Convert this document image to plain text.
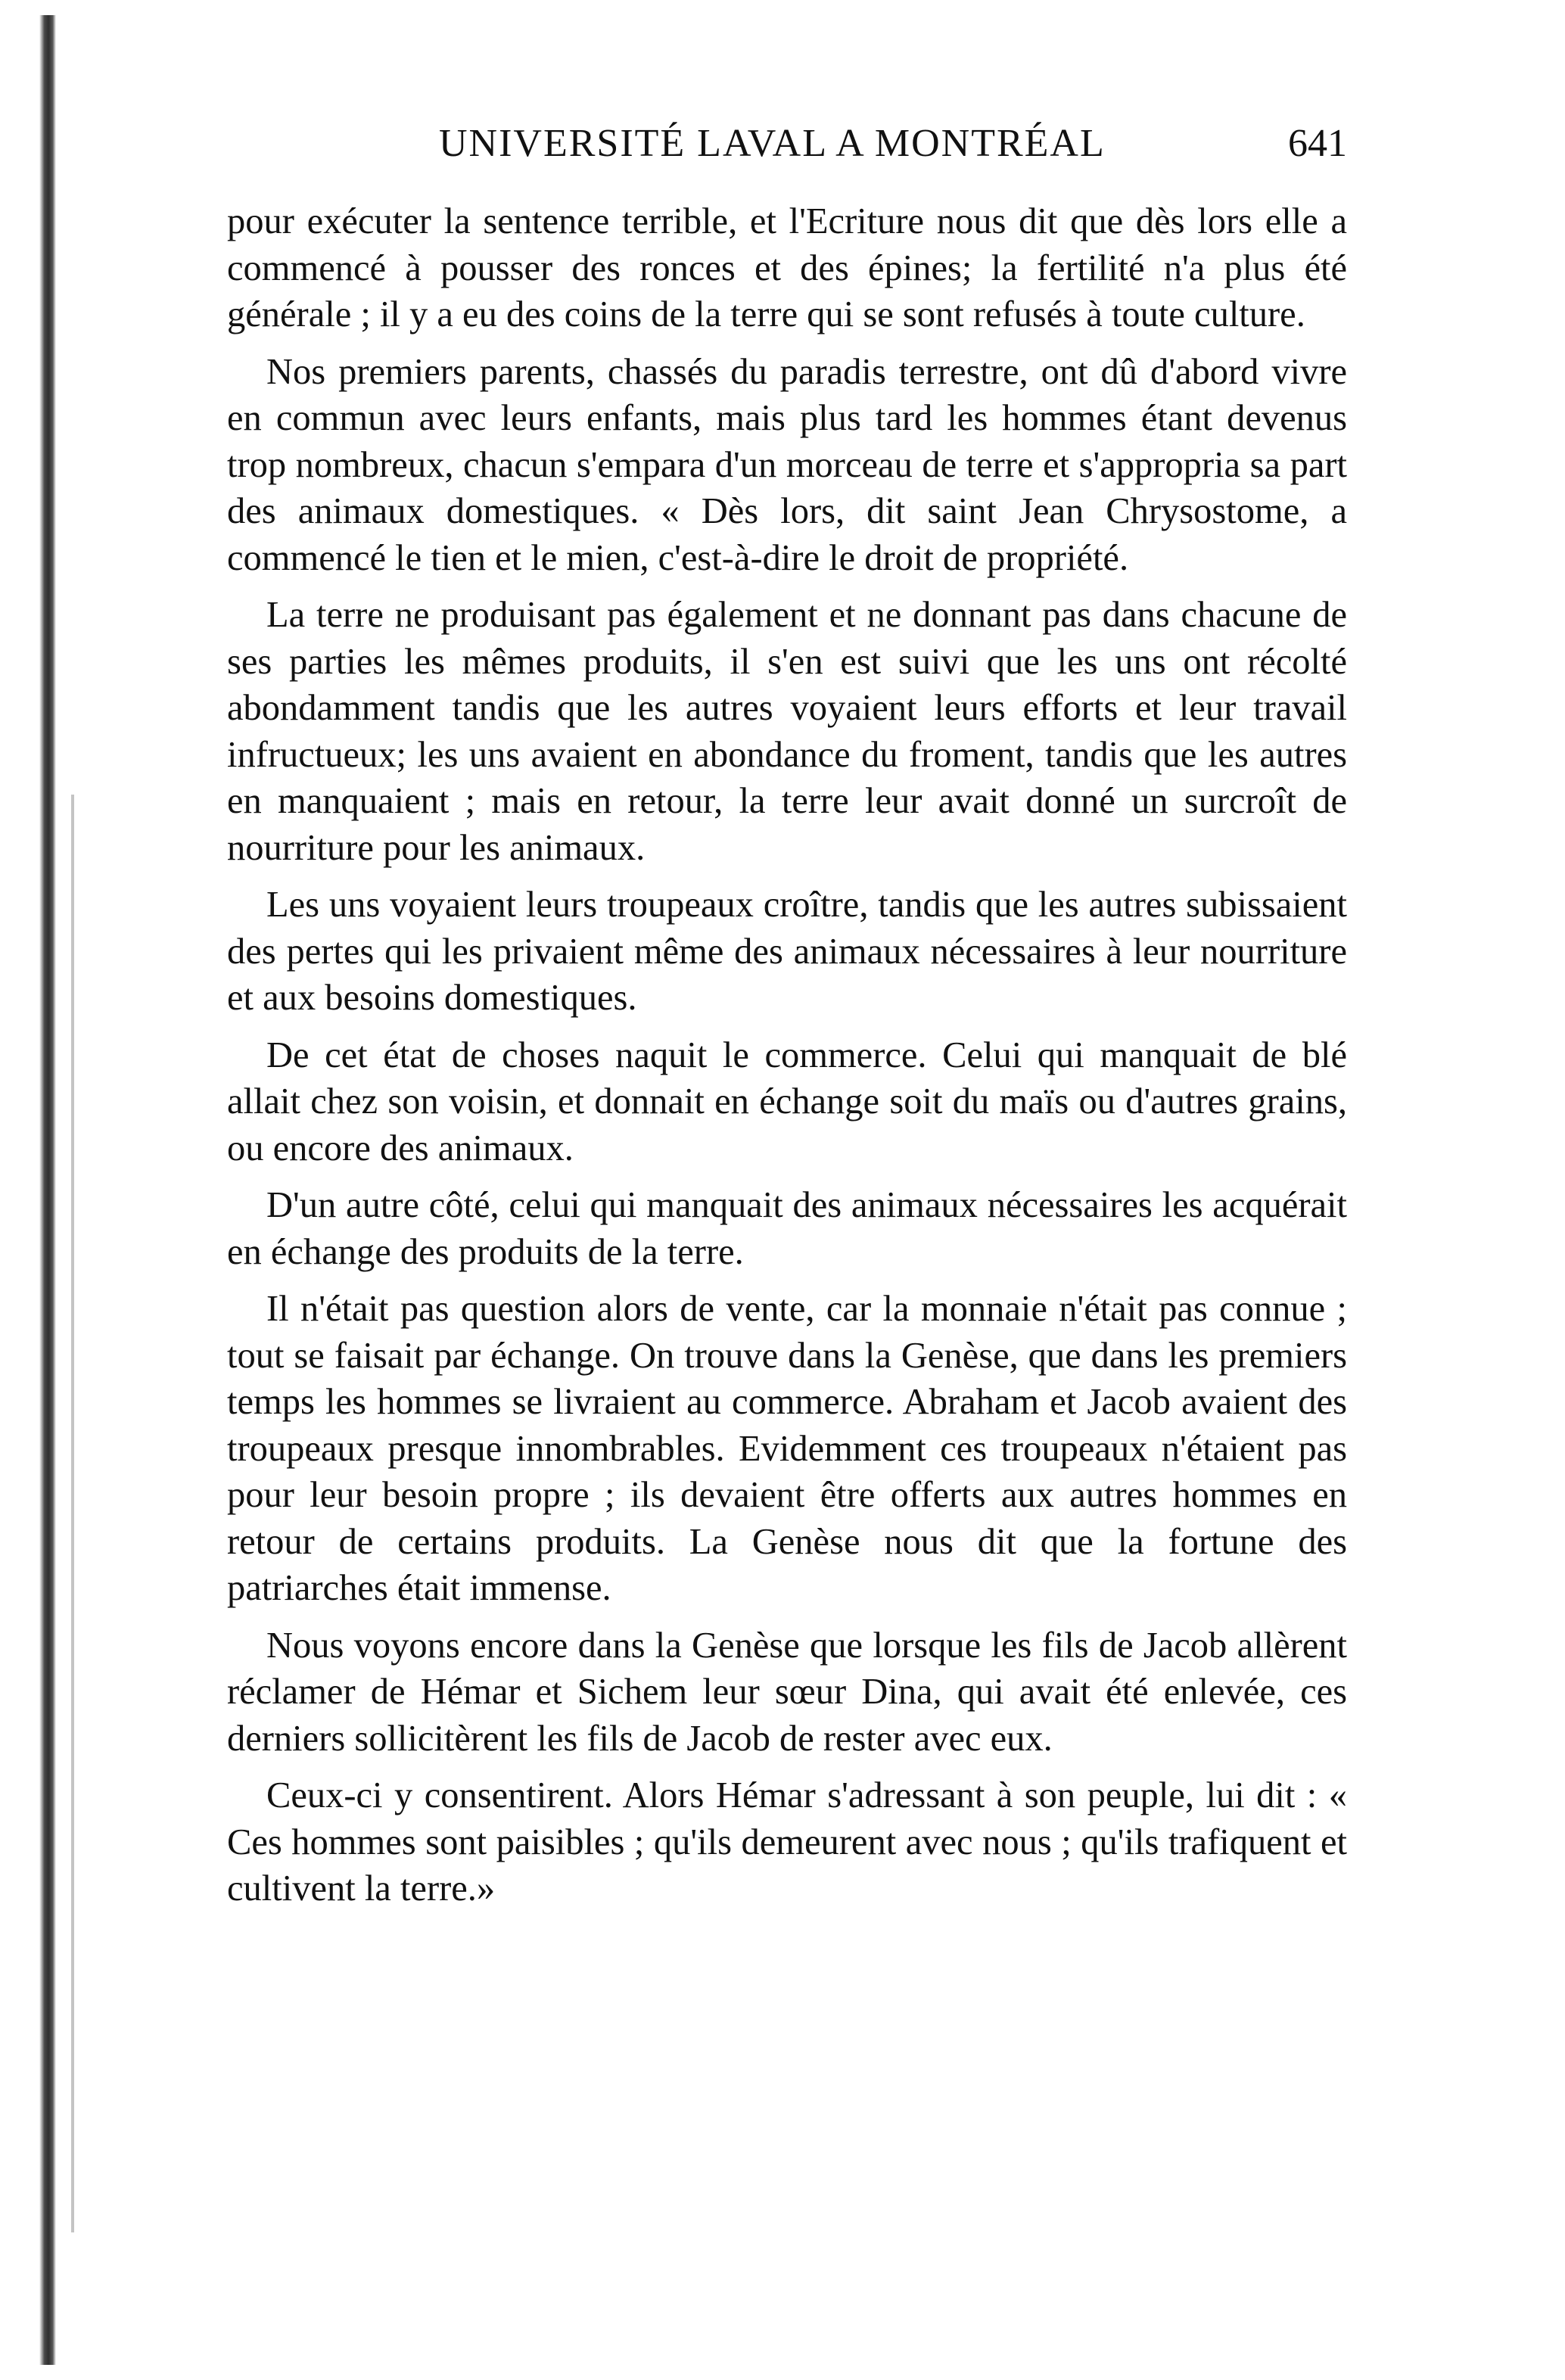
UNIVERSITÉ LAVAL A MONTRÉAL	641

pour exécuter la sentence terrible, et l'Ecriture nous dit que dès lors elle a commencé à pousser des ronces et des épines; la fertilité n'a plus été générale ; il y a eu des coins de la terre qui se sont refusés à toute culture.

Nos premiers parents, chassés du paradis terrestre, ont dû d'abord vivre en commun avec leurs enfants, mais plus tard les hommes étant devenus trop nombreux, chacun s'empara d'un morceau de terre et s'appropria sa part des animaux domestiques. « Dès lors, dit saint Jean Chrysostome, a commencé le tien et le mien, c'est-à-dire le droit de propriété.

La terre ne produisant pas également et ne donnant pas dans chacune de ses parties les mêmes produits, il s'en est suivi que les uns ont récolté abondamment tandis que les autres voyaient leurs efforts et leur travail infructueux; les uns avaient en abondance du froment, tandis que les autres en manquaient ; mais en retour, la terre leur avait donné un surcroît de nourriture pour les animaux.

Les uns voyaient leurs troupeaux croître, tandis que les autres subissaient des pertes qui les privaient même des animaux nécessaires à leur nourriture et aux besoins domestiques.

De cet état de choses naquit le commerce. Celui qui manquait de blé allait chez son voisin, et donnait en échange soit du maïs ou d'autres grains, ou encore des animaux.

D'un autre côté, celui qui manquait des animaux nécessaires les acquérait en échange des produits de la terre.

Il n'était pas question alors de vente, car la monnaie n'était pas connue ; tout se faisait par échange. On trouve dans la Genèse, que dans les premiers temps les hommes se livraient au commerce. Abraham et Jacob avaient des troupeaux presque innombrables. Evidemment ces troupeaux n'étaient pas pour leur besoin propre ; ils devaient être offerts aux autres hommes en retour de certains produits. La Genèse nous dit que la fortune des patriarches était immense.

Nous voyons encore dans la Genèse que lorsque les fils de Jacob allèrent réclamer de Hémar et Sichem leur sœur Dina, qui avait été enlevée, ces derniers sollicitèrent les fils de Jacob de rester avec eux.

Ceux-ci y consentirent. Alors Hémar s'adressant à son peuple, lui dit : « Ces hommes sont paisibles ; qu'ils demeurent avec nous ; qu'ils trafiquent et cultivent la terre.»
